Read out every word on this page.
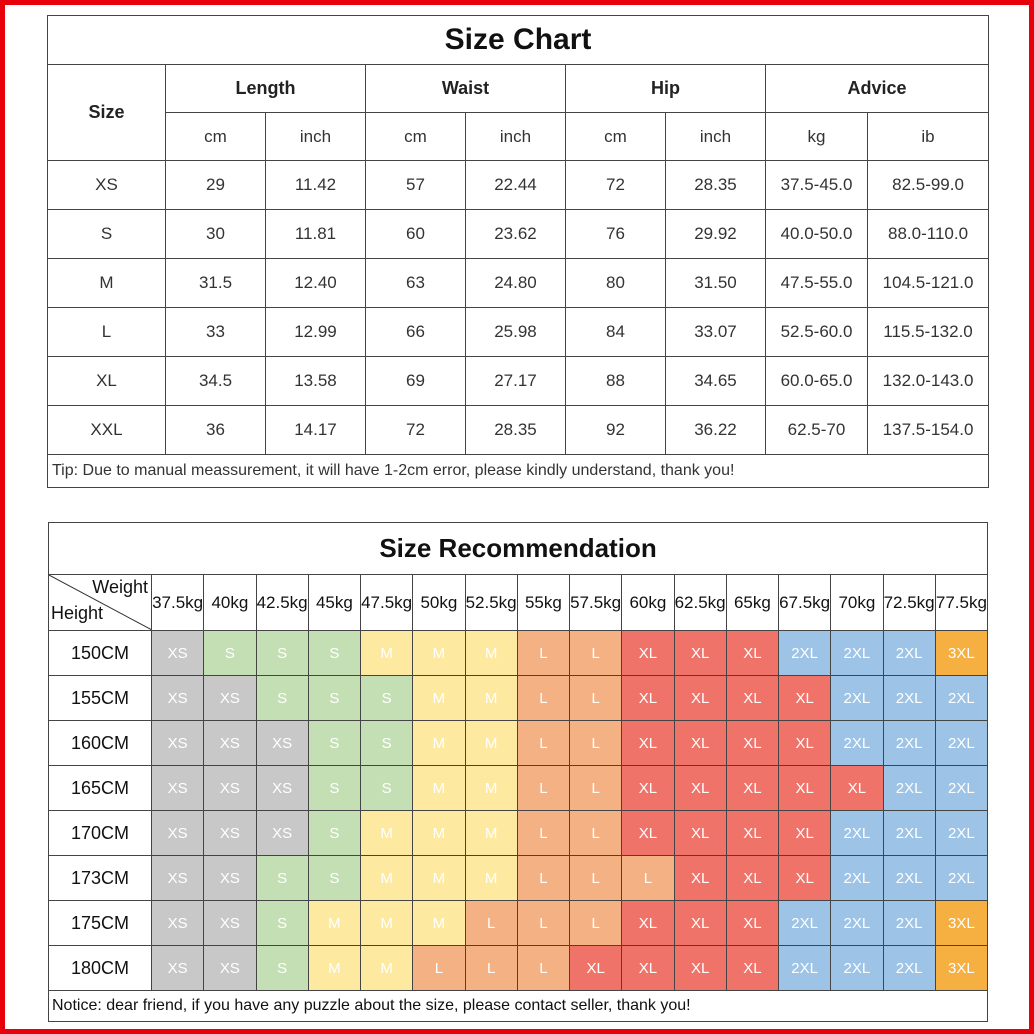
Size Chart								
Size	Length		Waist		Hip		Advice	
	cm	inch	cm	inch	cm	inch	kg	ib
XS	29	11.42	57	22.44	72	28.35	37.5-45.0	82.5-99.0
S	30	11.81	60	23.62	76	29.92	40.0-50.0	88.0-110.0
M	31.5	12.40	63	24.80	80	31.50	47.5-55.0	104.5-121.0
L	33	12.99	66	25.98	84	33.07	52.5-60.0	115.5-132.0
XL	34.5	13.58	69	27.17	88	34.65	60.0-65.0	132.0-143.0
XXL	36	14.17	72	28.35	92	36.22	62.5-70	137.5-154.0
Tip: Due to manual meassurement, it will have 1-2cm error, please kindly understand, thank you!								
Size Recommendation																

Weight
Height	37.5kg	40kg	42.5kg	45kg	47.5kg	50kg	52.5kg	55kg	57.5kg	60kg	62.5kg	65kg	67.5kg	70kg	72.5kg	77.5kg
150CM	XS	S	S	S	M	M	M	L	L	XL	XL	XL	2XL	2XL	2XL	3XL
155CM	XS	XS	S	S	S	M	M	L	L	XL	XL	XL	XL	2XL	2XL	2XL
160CM	XS	XS	XS	S	S	M	M	L	L	XL	XL	XL	XL	2XL	2XL	2XL
165CM	XS	XS	XS	S	S	M	M	L	L	XL	XL	XL	XL	XL	2XL	2XL
170CM	XS	XS	XS	S	M	M	M	L	L	XL	XL	XL	XL	2XL	2XL	2XL
173CM	XS	XS	S	S	M	M	M	L	L	L	XL	XL	XL	2XL	2XL	2XL
175CM	XS	XS	S	M	M	M	L	L	L	XL	XL	XL	2XL	2XL	2XL	3XL
180CM	XS	XS	S	M	M	L	L	L	XL	XL	XL	XL	2XL	2XL	2XL	3XL
Notice: dear friend, if you have any puzzle about the size, please contact seller, thank you!																
